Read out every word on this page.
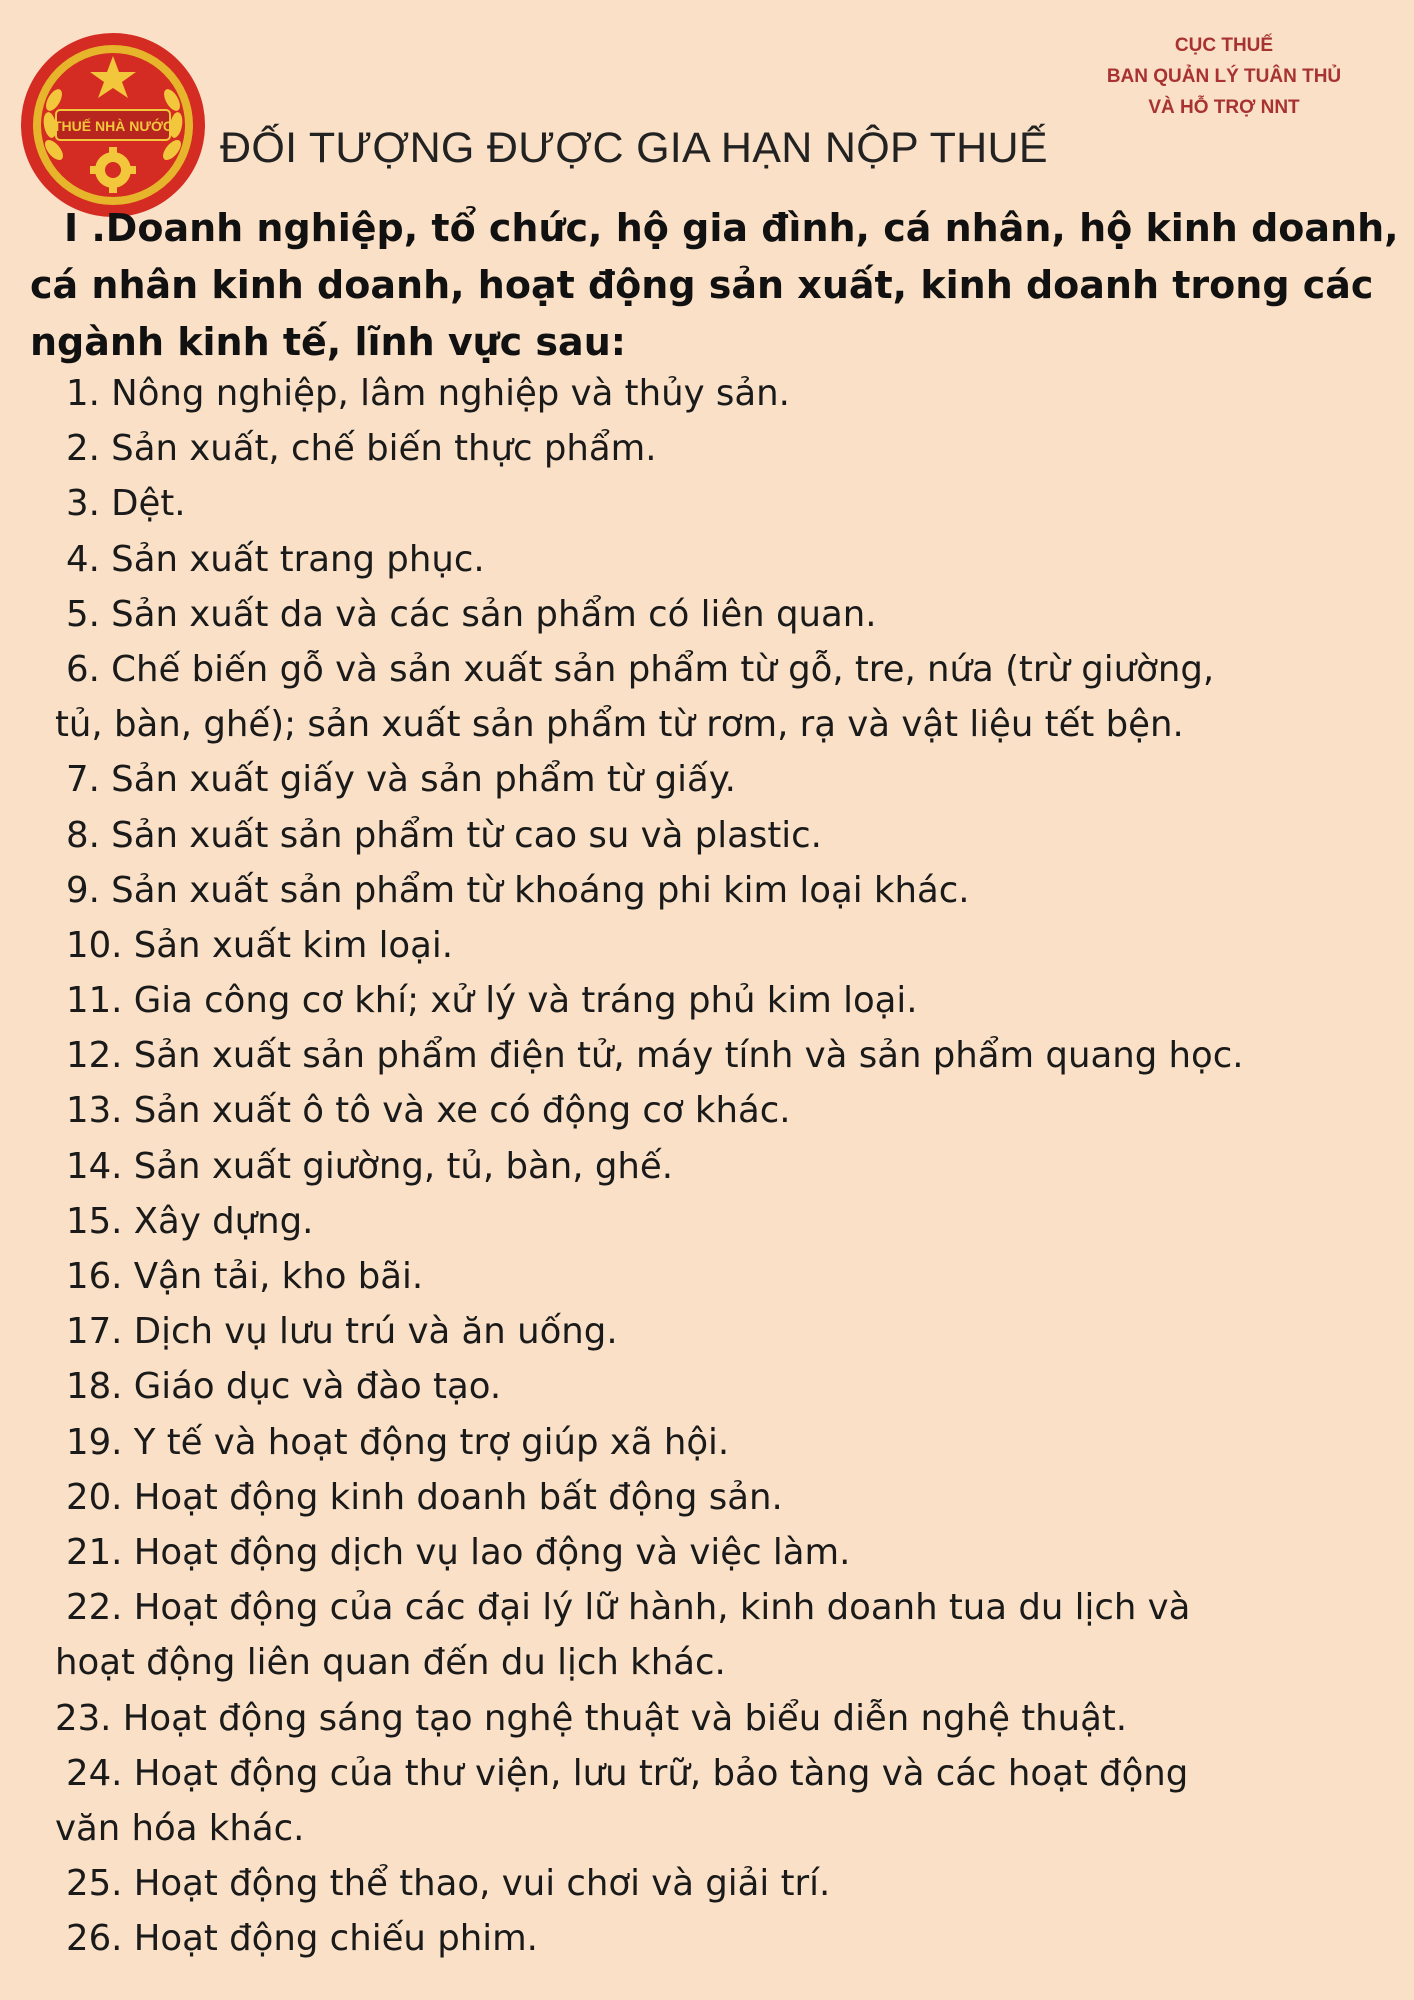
THUẾ NHÀ NƯỚC
CỤC THUẾ
BAN QUẢN LÝ TUÂN THỦ
VÀ HỖ TRỢ NNT
ĐỐI TƯỢNG ĐƯỢC GIA HẠN NỘP THUẾ
I .Doanh nghiệp, tổ chức, hộ gia đình, cá nhân, hộ kinh doanh,
cá nhân kinh doanh, hoạt động sản xuất, kinh doanh trong các
ngành kinh tế, lĩnh vực sau:
1. Nông nghiệp, lâm nghiệp và thủy sản.
2. Sản xuất, chế biến thực phẩm.
3. Dệt.
4. Sản xuất trang phục.
5. Sản xuất da và các sản phẩm có liên quan.
6. Chế biến gỗ và sản xuất sản phẩm từ gỗ, tre, nứa (trừ giường,
tủ, bàn, ghế); sản xuất sản phẩm từ rơm, rạ và vật liệu tết bện.
7. Sản xuất giấy và sản phẩm từ giấy.
8. Sản xuất sản phẩm từ cao su và plastic.
9. Sản xuất sản phẩm từ khoáng phi kim loại khác.
10. Sản xuất kim loại.
11. Gia công cơ khí; xử lý và tráng phủ kim loại.
12. Sản xuất sản phẩm điện tử, máy tính và sản phẩm quang học.
13. Sản xuất ô tô và xe có động cơ khác.
14. Sản xuất giường, tủ, bàn, ghế.
15. Xây dựng.
16. Vận tải, kho bãi.
17. Dịch vụ lưu trú và ăn uống.
18. Giáo dục và đào tạo.
19. Y tế và hoạt động trợ giúp xã hội.
20. Hoạt động kinh doanh bất động sản.
21. Hoạt động dịch vụ lao động và việc làm.
22. Hoạt động của các đại lý lữ hành, kinh doanh tua du lịch và
hoạt động liên quan đến du lịch khác.
23. Hoạt động sáng tạo nghệ thuật và biểu diễn nghệ thuật.
24. Hoạt động của thư viện, lưu trữ, bảo tàng và các hoạt động
văn hóa khác.
25. Hoạt động thể thao, vui chơi và giải trí.
26. Hoạt động chiếu phim.
